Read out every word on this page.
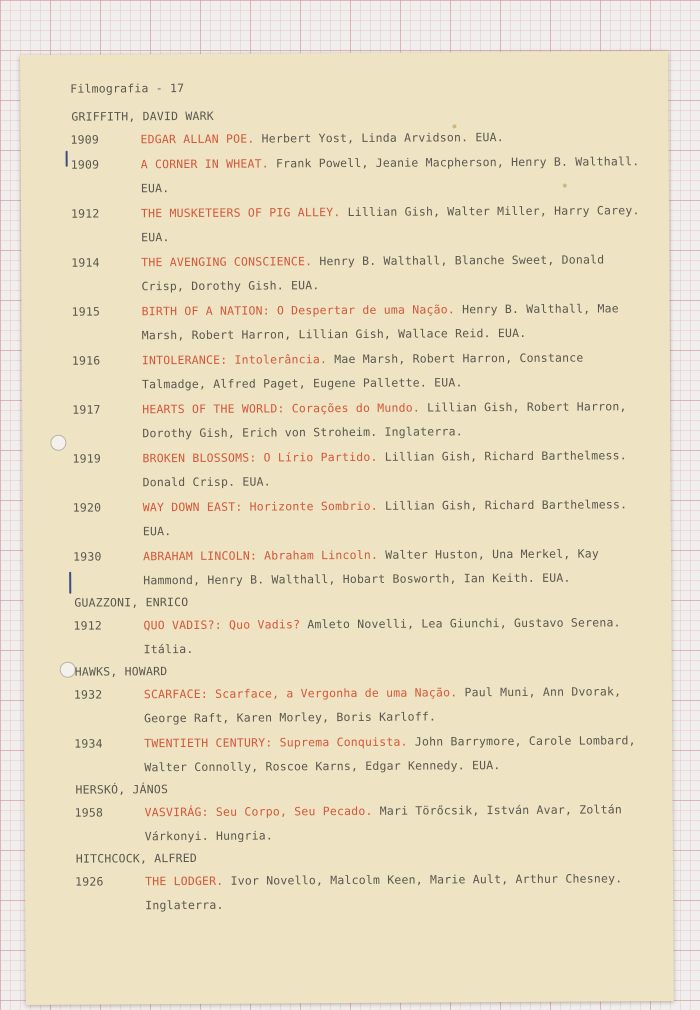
Filmografia - 17
GRIFFITH, DAVID WARK
1909	EDGAR ALLAN POE. Herbert Yost, Linda Arvidson. EUA.
1909	A CORNER IN WHEAT. Frank Powell, Jeanie Macpherson, Henry B. Walthall. EUA.
1912	THE MUSKETEERS OF PIG ALLEY. Lillian Gish, Walter Miller, Harry Carey. EUA.
1914	THE AVENGING CONSCIENCE. Henry B. Walthall, Blanche Sweet, Donald Crisp, Dorothy Gish. EUA.
1915	BIRTH OF A NATION: O Despertar de uma Nação. Henry B. Walthall, Mae Marsh, Robert Harron, Lillian Gish, Wallace Reid. EUA.
1916	INTOLERANCE: Intolerância. Mae Marsh, Robert Harron, Constance Talmadge, Alfred Paget, Eugene Pallette. EUA.
1917	HEARTS OF THE WORLD: Corações do Mundo. Lillian Gish, Robert Harron, Dorothy Gish, Erich von Stroheim. Inglaterra.
1919	BROKEN BLOSSOMS: O Lírio Partido. Lillian Gish, Richard Barthelmess. Donald Crisp. EUA.
1920	WAY DOWN EAST: Horizonte Sombrio. Lillian Gish, Richard Barthelmess. EUA.
1930	ABRAHAM LINCOLN: Abraham Lincoln. Walter Huston, Una Merkel, Kay Hammond, Henry B. Walthall, Hobart Bosworth, Ian Keith. EUA.
GUAZZONI, ENRICO
1912	QUO VADIS?: Quo Vadis? Amleto Novelli, Lea Giunchi, Gustavo Serena. Itália.
HAWKS, HOWARD
1932	SCARFACE: Scarface, a Vergonha de uma Nação. Paul Muni, Ann Dvorak, George Raft, Karen Morley, Boris Karloff.
1934	TWENTIETH CENTURY: Suprema Conquista. John Barrymore, Carole Lombard, Walter Connolly, Roscoe Karns, Edgar Kennedy. EUA.
HERSKÓ, JÁNOS
1958	VASVIRÁG: Seu Corpo, Seu Pecado. Mari Törőcsik, István Avar, Zoltán Várkonyi. Hungria.
HITCHCOCK, ALFRED
1926	THE LODGER. Ivor Novello, Malcolm Keen, Marie Ault, Arthur Chesney. Inglaterra.
